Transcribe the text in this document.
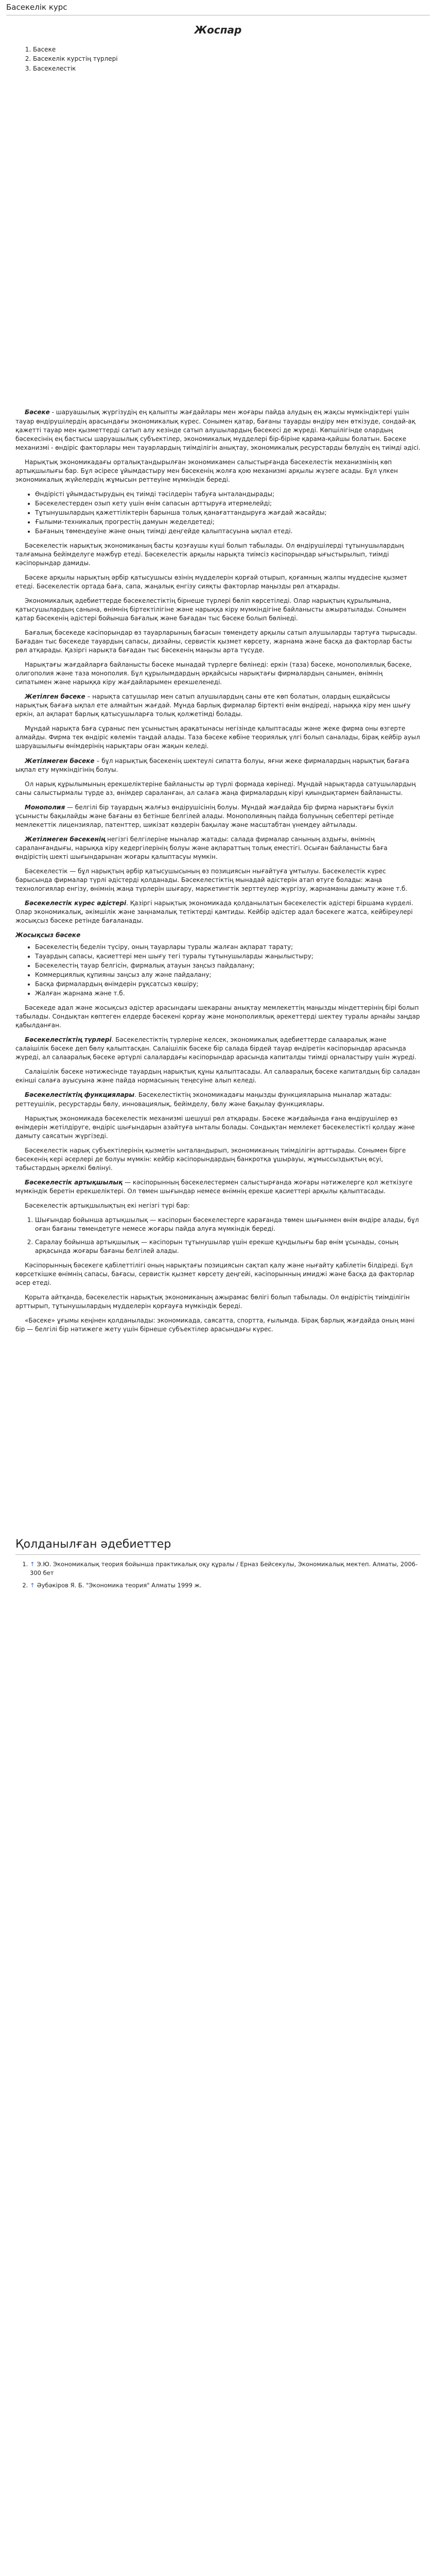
Басекелік курс
Жоспар
1. Басекe
2. Басекелік курстің түрлері
3. Басекелестік

Бәсеке - шаруашылық жүргізудің ең қалыпты жағдайлары мен жоғары пайда алудың ең жақсы мүмкіндіктері үшін тауар өндірушілердің арасындағы экономикалық күрес. Сонымен қатар, бағаны тауарды өндіру мен өткізуде, сондай-ақ қажетті тауар мен қызметтерді сатып алу кезінде сатып алушылардың бәсекесі де жүреді. Көпшілігінде олардың бәсекесінің ең бастысы шаруашылық субъектілер, экономикалық мүдделері бір-біріне қарама-қайшы болатын. Бәсеке механизмі - өндіріс факторлары мен тауарлардың тиімділігін анықтау, экономикалық ресурстарды бөлудің ең тиімді әдісі.

Нарықтық экономикадағы орталықтандырылған экономикамен салыстырғанда бәсекелестік механизмінің көп артықшылығы бар. Бұл әсіресе ұйымдастыру мен бәсекенің жолға қою механизмі арқылы жүзеге асады. Бұл үлкен экономикалық жүйелердің жұмысын реттеуіне мүмкіндік береді.

• Өндірісті ұйымдастырудың ең тиімді тәсілдерін табуға ынталандырады;
• Бәсекелестерден озып кету үшін өнім сапасын арттыруға итермелейді;
• Тұтынушылардың қажеттіліктерін барынша толық қанағаттандыруға жағдай жасайды;
• Ғылыми-техникалық прогрестің дамуын жеделдетеді;
• Бағаның төмендеуіне және оның тиімді деңгейде қалыптасуына ықпал етеді.

Бәсекелестік нарықтық экономиканың басты қозғаушы күші болып табылады. Ол өндірушілерді тұтынушылардың талғамына бейімделуге мәжбүр етеді. Бәсекелестік арқылы нарықта тиімсіз кәсіпорындар ығыстырылып, тиімді кәсіпорындар дамиды.

Бәсеке арқылы нарықтың әрбір қатысушысы өзінің мүдделерін қорғай отырып, қоғамның жалпы мүддесіне қызмет етеді. Бәсекелестік ортада баға, сапа, жаңалық енгізу сияқты факторлар маңызды рөл атқарады.

Экономикалық әдебиеттерде бәсекелестіктің бірнеше түрлері бөліп көрсетіледі. Олар нарықтың құрылымына, қатысушылардың санына, өнімнің біртектілігіне және нарыққа кіру мүмкіндігіне байланысты ажыратылады. Сонымен қатар бәсекенің әдістері бойынша бағалық және бағадан тыс бәсеке болып бөлінеді.

Бағалық бәсекеде кәсіпорындар өз тауарларының бағасын төмендету арқылы сатып алушыларды тартуға тырысады. Бағадан тыс бәсекеде тауардың сапасы, дизайны, сервистік қызмет көрсету, жарнама және басқа да факторлар басты рөл атқарады. Қазіргі нарықта бағадан тыс бәсекенің маңызы арта түсуде.

Нарықтағы жағдайларға байланысты бәсеке мынадай түрлерге бөлінеді: еркін (таза) бәсеке, монополиялық бәсеке, олигополия және таза монополия. Бұл құрылымдардың әрқайсысы нарықтағы фирмалардың санымен, өнімнің сипатымен және нарыққа кіру жағдайларымен ерекшеленеді.

Жетілген бәсеке – нарықта сатушылар мен сатып алушылардың саны өте көп болатын, олардың ешқайсысы нарықтық бағаға ықпал ете алмайтын жағдай. Мұнда барлық фирмалар біртекті өнім өндіреді, нарыққа кіру мен шығу еркін, ал ақпарат барлық қатысушыларға толық қолжетімді болады.

Мұндай нарықта баға сұраныс пен ұсыныстың арақатынасы негізінде қалыптасады және жеке фирма оны өзгерте алмайды. Фирма тек өндіріс көлемін таңдай алады. Таза бәсеке көбіне теориялық үлгі болып саналады, бірақ кейбір ауыл шаруашылығы өнімдерінің нарықтары оған жақын келеді.

Жетілмеген бәсеке – бұл нарықтық бәсекенің шектеулі сипатта болуы, яғни жеке фирмалардың нарықтық бағаға ықпал ету мүмкіндігінің болуы.

Ол нарық құрылымының ерекшеліктеріне байланысты әр түрлі формада көрінеді. Мұндай нарықтарда сатушылардың саны салыстырмалы түрде аз, өнімдер сараланған, ал салаға жаңа фирмалардың кіруі қиындықтармен байланысты.

Монополия — белгілі бір тауардың жалғыз өндірушісінің болуы. Мұндай жағдайда бір фирма нарықтағы бүкіл ұсынысты бақылайды және бағаны өз бетінше белгілей алады. Монополияның пайда болуының себептері ретінде мемлекеттік лицензиялар, патенттер, шикізат көздерін бақылау және масштабтан үнемдеу айтылады.

Жетілмеген бәсекенің негізгі белгілеріне мыналар жатады: салада фирмалар санының аздығы, өнімнің сараланғандығы, нарыққа кіру кедергілерінің болуы және ақпараттың толық еместігі. Осыған байланысты баға өндірістің шекті шығындарынан жоғары қалыптасуы мүмкін.

Бәсекелестік — бұл нарықтың әрбір қатысушысының өз позициясын нығайтуға ұмтылуы. Бәсекелестік күрес барысында фирмалар түрлі әдістерді қолданады. Бәсекелестіктің мынадай әдістерін атап өтуге болады: жаңа технологиялар енгізу, өнімнің жаңа түрлерін шығару, маркетингтік зерттеулер жүргізу, жарнаманы дамыту және т.б.

Бәсекелестік күрес әдістері. Қазіргі нарықтық экономикада қолданылатын бәсекелестік әдістері біршама күрделі. Олар экономикалық, әкімшілік және заңнамалық тетіктерді қамтиды. Кейбір әдістер адал бәсекеге жатса, кейбіреулері жосықсыз бәсеке ретінде бағаланады.

Жосықсыз бәсеке
• Бәсекелестің беделін түсіру, оның тауарлары туралы жалған ақпарат тарату;
• Тауардың сапасы, қасиеттері мен шығу тегі туралы тұтынушыларды жаңылыстыру;
• Бәсекелестің тауар белгісін, фирмалық атауын заңсыз пайдалану;
• Коммерциялық құпияны заңсыз алу және пайдалану;
• Басқа фирмалардың өнімдерін рұқсатсыз көшіру;
• Жалған жарнама және т.б.

Бәсекеде адал және жосықсыз әдістер арасындағы шекараны анықтау мемлекеттің маңызды міндеттерінің бірі болып табылады. Сондықтан көптеген елдерде бәсекені қорғау және монополиялық әрекеттерді шектеу туралы арнайы заңдар қабылданған.

Бәсекелестіктің түрлері. Бәсекелестіктің түрлеріне келсек, экономикалық әдебиеттерде салааралық және салаішілік бәсеке деп бөлу қалыптасқан. Салаішілік бәсеке бір салада бірдей тауар өндіретін кәсіпорындар арасында жүреді, ал салааралық бәсеке әртүрлі салалардағы кәсіпорындар арасында капиталды тиімді орналастыру үшін жүреді.

Салаішілік бәсеке нәтижесінде тауардың нарықтық құны қалыптасады. Ал салааралық бәсеке капиталдың бір саладан екінші салаға ауысуына және пайда нормасының теңесуіне алып келеді.

Бәсекелестіктің функциялары. Бәсекелестіктің экономикадағы маңызды функцияларына мыналар жатады: реттеушілік, ресурстарды бөлу, инновациялық, бейімделу, бөлу және бақылау функциялары.

Нарықтық экономикада бәсекелестік механизмі шешуші рөл атқарады. Бәсеке жағдайында ғана өндірушілер өз өнімдерін жетілдіруге, өндіріс шығындарын азайтуға ынталы болады. Сондықтан мемлекет бәсекелестікті қолдау және дамыту саясатын жүргізеді.

Бәсекелестік нарық субъектілерінің қызметін ынталандырып, экономиканың тиімділігін арттырады. Сонымен бірге бәсекенің кері әсерлері де болуы мүмкін: кейбір кәсіпорындардың банкротқа ұшырауы, жұмыссыздықтың өсуі, табыстардың әркелкі бөлінуі.

Бәсекелестік артықшылық — кәсіпорынның бәсекелестермен салыстырғанда жоғары нәтижелерге қол жеткізуге мүмкіндік беретін ерекшеліктері. Ол төмен шығындар немесе өнімнің ерекше қасиеттері арқылы қалыптасады.

Бәсекелестік артықшылықтың екі негізгі түрі бар:

1. Шығындар бойынша артықшылық — кәсіпорын бәсекелестерге қарағанда төмен шығынмен өнім өндіре алады, бұл оған бағаны төмендетуге немесе жоғары пайда алуға мүмкіндік береді.
2. Саралау бойынша артықшылық — кәсіпорын тұтынушылар үшін ерекше құндылығы бар өнім ұсынады, соның арқасында жоғары бағаны белгілей алады.

Кәсіпорынның бәсекеге қабілеттілігі оның нарықтағы позициясын сақтап қалу және нығайту қабілетін білдіреді. Бұл көрсеткішке өнімнің сапасы, бағасы, сервистік қызмет көрсету деңгейі, кәсіпорынның имиджі және басқа да факторлар әсер етеді.

Қорыта айтқанда, бәсекелестік нарықтық экономиканың ажырамас бөлігі болып табылады. Ол өндірістің тиімділігін арттырып, тұтынушылардың мүдделерін қорғауға мүмкіндік береді.

«Бәсеке» ұғымы кеңінен қолданылады: экономикада, саясатта, спортта, ғылымда. Бірақ барлық жағдайда оның мәні бір — белгілі бір нәтижеге жету үшін бірнеше субъектілер арасындағы күрес.

Қолданылған әдебиеттер
1. ↑ Э.Ю. Экономикалық теория бойынша практикалық оқу құралы / Ерназ Бейсекулы, Экономикалық мектеп. Алматы, 2006-300 бет
2. ↑ Әубәкіров Я. Б. "Экономика теория" Алматы 1999 ж.
